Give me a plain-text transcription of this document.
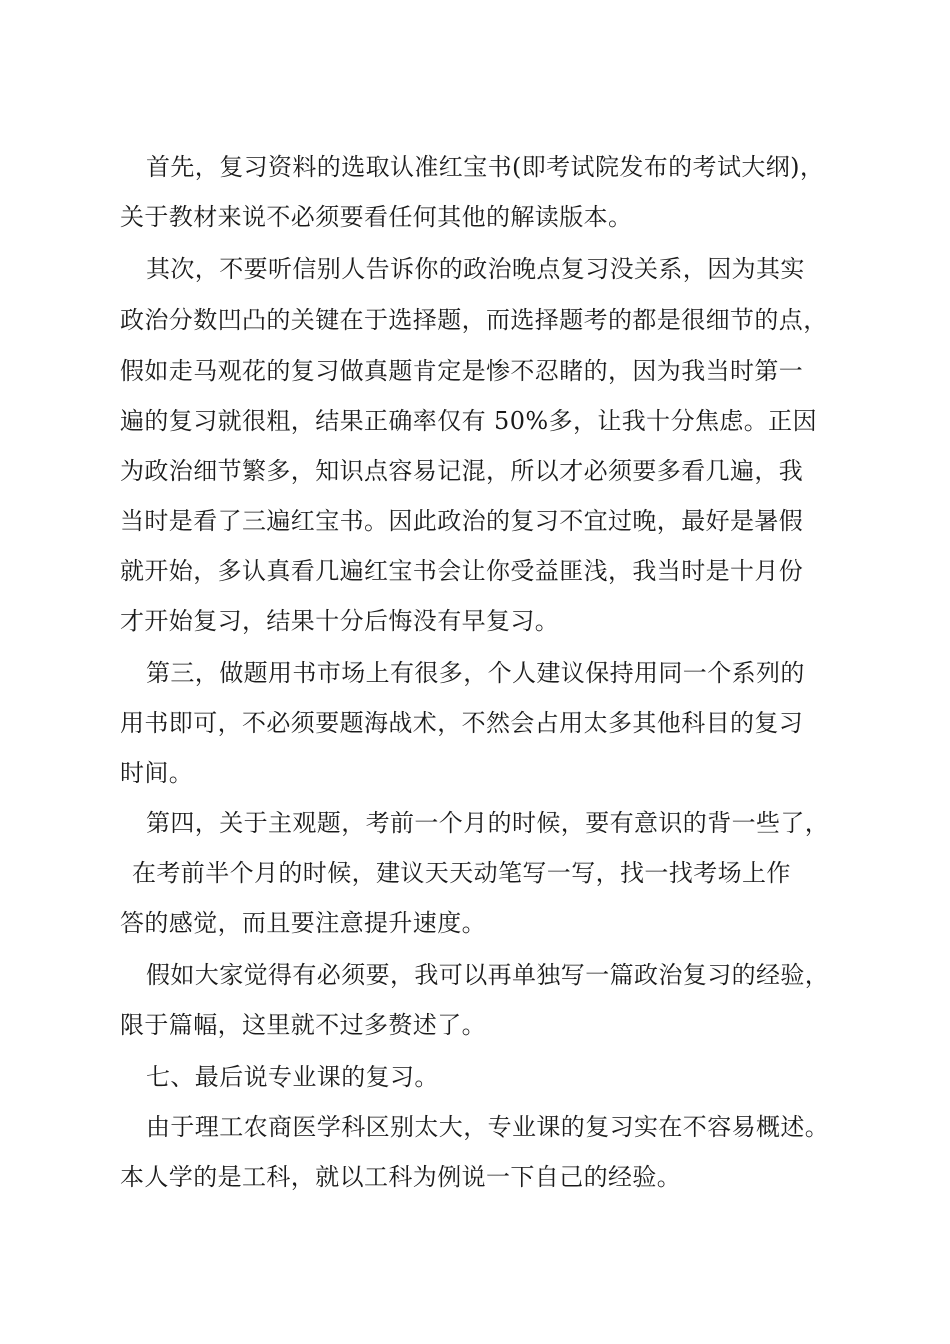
首先，复习资料的选取认准红宝书(即考试院发布的考试大纲)，
关于教材来说不必须要看任何其他的解读版本。
其次，不要听信别人告诉你的政治晚点复习没关系，因为其实
政治分数凹凸的关键在于选择题，而选择题考的都是很细节的点，
假如走马观花的复习做真题肯定是惨不忍睹的，因为我当时第一
遍的复习就很粗，结果正确率仅有 50%多，让我十分焦虑。正因
为政治细节繁多，知识点容易记混，所以才必须要多看几遍，我
当时是看了三遍红宝书。因此政治的复习不宜过晚，最好是暑假
就开始，多认真看几遍红宝书会让你受益匪浅，我当时是十月份
才开始复习，结果十分后悔没有早复习。
第三，做题用书市场上有很多，个人建议保持用同一个系列的
用书即可，不必须要题海战术，不然会占用太多其他科目的复习
时间。
第四，关于主观题，考前一个月的时候，要有意识的背一些了，
在考前半个月的时候，建议天天动笔写一写，找一找考场上作
答的感觉，而且要注意提升速度。
假如大家觉得有必须要，我可以再单独写一篇政治复习的经验，
限于篇幅，这里就不过多赘述了。
七、最后说专业课的复习。
由于理工农商医学科区别太大，专业课的复习实在不容易概述。
本人学的是工科，就以工科为例说一下自己的经验。
